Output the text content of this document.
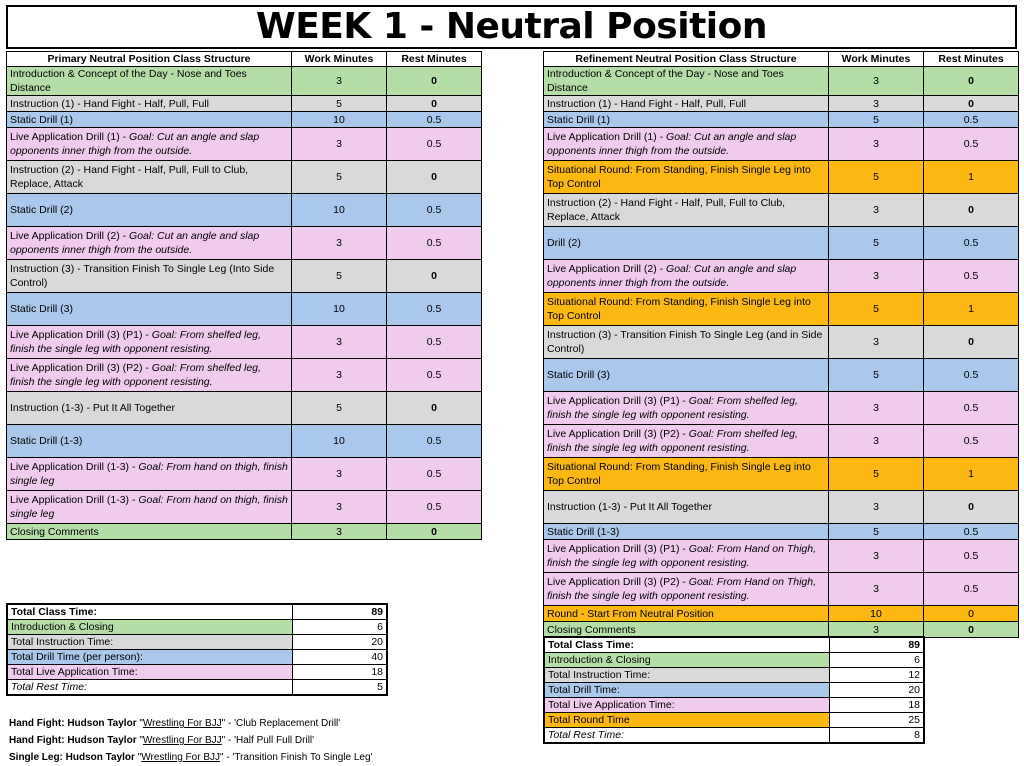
WEEK 1 - Neutral Position
Primary Neutral Position Class Structure	Work Minutes	Rest Minutes
Introduction & Concept of the Day - Nose and Toes Distance	3	0
Instruction (1) - Hand Fight - Half, Pull, Full	5	0
Static Drill (1)	10	0.5
Live Application Drill (1) - Goal: Cut an angle and slap opponents inner thigh from the outside.	3	0.5
Instruction (2) - Hand Fight - Half, Pull, Full to Club, Replace, Attack	5	0
Static Drill (2)	10	0.5
Live Application Drill (2) - Goal: Cut an angle and slap opponents inner thigh from the outside.	3	0.5
Instruction (3) - Transition Finish To Single Leg (Into Side Control)	5	0
Static Drill (3)	10	0.5
Live Application Drill (3) (P1) - Goal: From shelfed leg, finish the single leg with opponent resisting.	3	0.5
Live Application Drill (3) (P2) - Goal: From shelfed leg, finish the single leg with opponent resisting.	3	0.5
Instruction (1-3) - Put It All Together	5	0
Static Drill (1-3)	10	0.5
Live Application Drill (1-3) - Goal: From hand on thigh, finish single leg	3	0.5
Live Application Drill (1-3) - Goal: From hand on thigh, finish single leg	3	0.5
Closing Comments	3	0
Refinement Neutral Position Class Structure	Work Minutes	Rest Minutes
Introduction & Concept of the Day - Nose and Toes Distance	3	0
Instruction (1) - Hand Fight - Half, Pull, Full	3	0
Static Drill (1)	5	0.5
Live Application Drill (1) - Goal: Cut an angle and slap opponents inner thigh from the outside.	3	0.5
Situational Round: From Standing, Finish Single Leg into Top Control	5	1
Instruction (2) - Hand Fight - Half, Pull, Full to Club, Replace, Attack	3	0
Drill (2)	5	0.5
Live Application Drill (2) - Goal: Cut an angle and slap opponents inner thigh from the outside.	3	0.5
Situational Round: From Standing, Finish Single Leg into Top Control	5	1
Instruction (3) - Transition Finish To Single Leg (and in Side Control)	3	0
Static Drill (3)	5	0.5
Live Application Drill (3) (P1) - Goal: From shelfed leg, finish the single leg with opponent resisting.	3	0.5
Live Application Drill (3) (P2) - Goal: From shelfed leg, finish the single leg with opponent resisting.	3	0.5
Situational Round: From Standing, Finish Single Leg into Top Control	5	1
Instruction (1-3) - Put It All Together	3	0
Static Drill (1-3)	5	0.5
Live Application Drill (3) (P1) - Goal: From Hand on Thigh, finish the single leg with opponent resisting.	3	0.5
Live Application Drill (3) (P2) - Goal: From Hand on Thigh, finish the single leg with opponent resisting.	3	0.5
Round - Start From Neutral Position	10	0
Closing Comments	3	0
Total Class Time:	89
Introduction & Closing	6
Total Instruction Time:	20
Total Drill Time (per person):	40
Total Live Application Time:	18
Total Rest Time:	5
Total Class Time:	89
Introduction & Closing	6
Total Instruction Time:	12
Total Drill Time:	20
Total Live Application Time:	18
Total Round Time	25
Total Rest Time:	8
Hand Fight: Hudson Taylor "Wrestling For BJJ" - 'Club Replacement Drill'
Hand Fight: Hudson Taylor "Wrestling For BJJ" - 'Half Pull Full Drill'
Single Leg: Hudson Taylor "Wrestling For BJJ" - 'Transition Finish To Single Leg'
